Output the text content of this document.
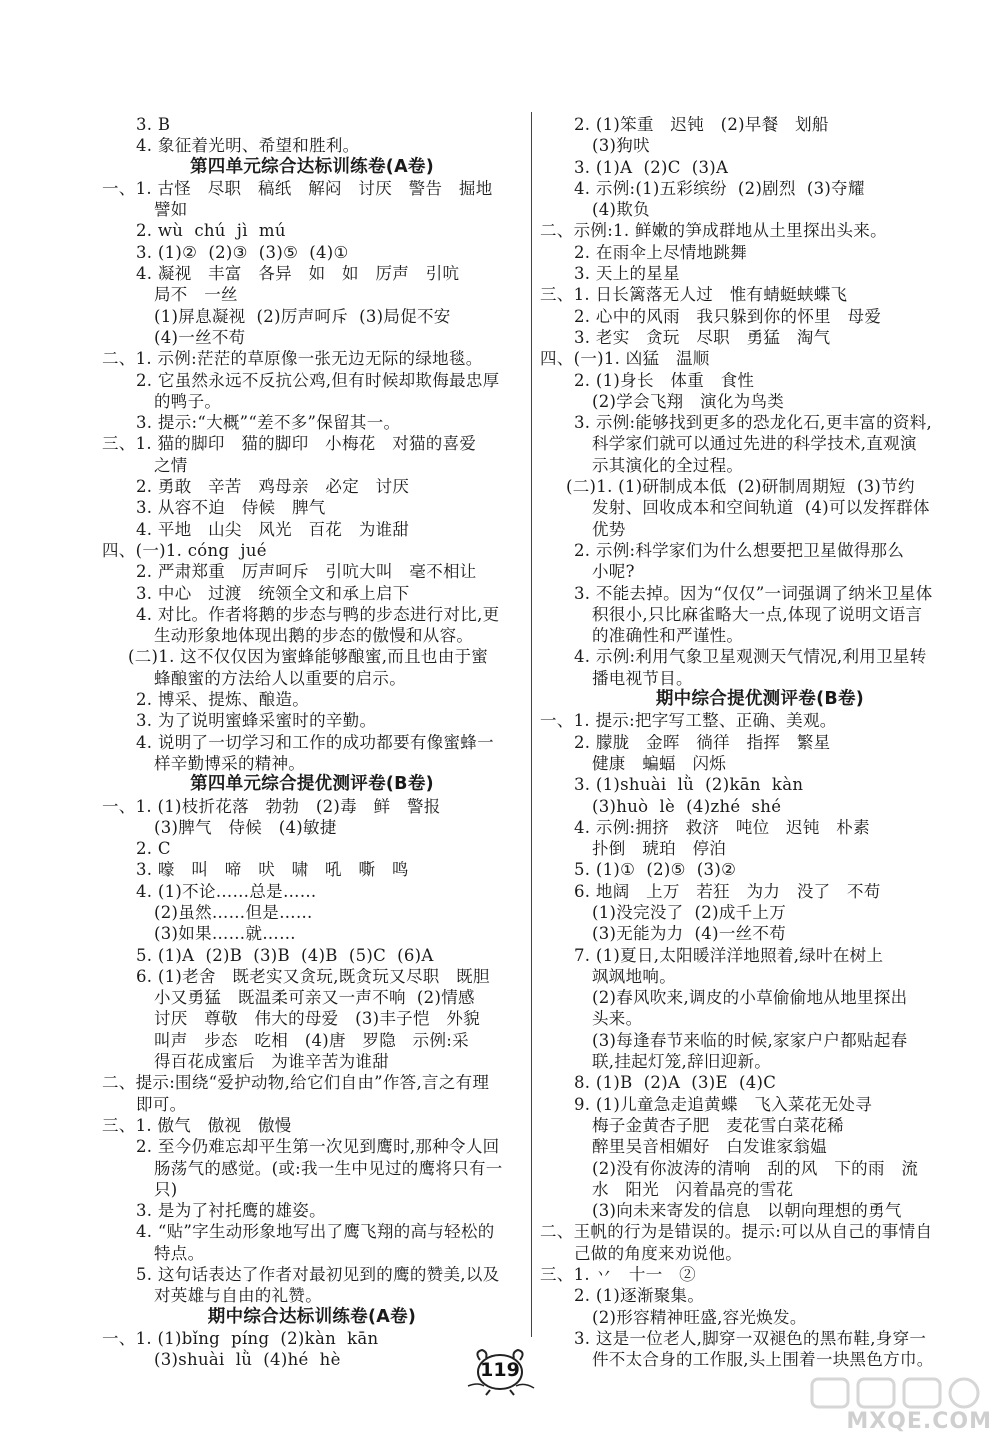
3. B
4. 象征着光明、希望和胜利。
第四单元综合达标训练卷(A卷)
一、1. 古怪   尽职   稿纸   解闷   讨厌   警告   掘地
譬如
2. wù  chú  jì  mú
3. (1)②  (2)③  (3)⑤  (4)①
4. 凝视   丰富   各异   如   如   厉声   引吭
局不   一丝
(1)屏息凝视  (2)厉声呵斥  (3)局促不安
(4)一丝不苟
二、1. 示例:茫茫的草原像一张无边无际的绿地毯。
2. 它虽然永远不反抗公鸡,但有时候却欺侮最忠厚
的鸭子。
3. 提示:“大概”“差不多”保留其一。
三、1. 猫的脚印   猫的脚印   小梅花   对猫的喜爱
之情
2. 勇敢   辛苦   鸡母亲   必定   讨厌
3. 从容不迫   侍候   脾气
4. 平地   山尖   风光   百花   为谁甜
四、(一)1. cóng  jué
2. 严肃郑重   厉声呵斥   引吭大叫   毫不相让
3. 中心   过渡   统领全文和承上启下
4. 对比。作者将鹅的步态与鸭的步态进行对比,更
生动形象地体现出鹅的步态的傲慢和从容。
(二)1. 这不仅仅因为蜜蜂能够酿蜜,而且也由于蜜
蜂酿蜜的方法给人以重要的启示。
2. 博采、提炼、酿造。
3. 为了说明蜜蜂采蜜时的辛勤。
4. 说明了一切学习和工作的成功都要有像蜜蜂一
样辛勤博采的精神。
第四单元综合提优测评卷(B卷)
一、1. (1)枝折花落   勃勃   (2)毒   鲜   警报
(3)脾气   侍候   (4)敏捷
2. C
3. 嚎   叫   啼   吠   啸   吼   嘶   鸣
4. (1)不论……总是……
(2)虽然……但是……
(3)如果……就……
5. (1)A  (2)B  (3)B  (4)B  (5)C  (6)A
6. (1)老舍   既老实又贪玩,既贪玩又尽职   既胆
小又勇猛   既温柔可亲又一声不响  (2)情感
讨厌   尊敬   伟大的母爱   (3)丰子恺   外貌
叫声   步态   吃相   (4)唐   罗隐   示例:采
得百花成蜜后   为谁辛苦为谁甜
二、提示:围绕“爱护动物,给它们自由”作答,言之有理
即可。
三、1. 傲气   傲视   傲慢
2. 至今仍难忘却平生第一次见到鹰时,那种令人回
肠荡气的感觉。(或:我一生中见过的鹰将只有一
只)
3. 是为了衬托鹰的雄姿。
4. “贴”字生动形象地写出了鹰飞翔的高与轻松的
特点。
5. 这句话表达了作者对最初见到的鹰的赞美,以及
对英雄与自由的礼赞。
期中综合达标训练卷(A卷)
一、1. (1)bǐng  píng  (2)kàn  kān
(3)shuài  lǜ  (4)hé  hè
2. (1)笨重   迟钝   (2)早餐   划船
(3)狗吠
3. (1)A  (2)C  (3)A
4. 示例:(1)五彩缤纷  (2)剧烈  (3)夺耀
(4)欺负
二、示例:1. 鲜嫩的笋成群地从土里探出头来。
2. 在雨伞上尽情地跳舞
3. 天上的星星
三、1. 日长篱落无人过   惟有蜻蜓蛱蝶飞
2. 心中的风雨   我只躲到你的怀里   母爱
3. 老实   贪玩   尽职   勇猛   淘气
四、(一)1. 凶猛   温顺
2. (1)身长   体重   食性
(2)学会飞翔   演化为鸟类
3. 示例:能够找到更多的恐龙化石,更丰富的资料,
科学家们就可以通过先进的科学技术,直观演
示其演化的全过程。
(二)1. (1)研制成本低  (2)研制周期短  (3)节约
发射、回收成本和空间轨道  (4)可以发挥群体
优势
2. 示例:科学家们为什么想要把卫星做得那么
小呢?
3. 不能去掉。因为“仅仅”一词强调了纳米卫星体
积很小,只比麻雀略大一点,体现了说明文语言
的准确性和严谨性。
4. 示例:利用气象卫星观测天气情况,利用卫星转
播电视节目。
期中综合提优测评卷(B卷)
一、1. 提示:把字写工整、正确、美观。
2. 朦胧   金晖   徜徉   指挥   繁星
健康   蝙蝠   闪烁
3. (1)shuài  lǜ  (2)kān  kàn
(3)huò  lè  (4)zhé  shé
4. 示例:拥挤   救济   吨位   迟钝   朴素
扑倒   琥珀   停泊
5. (1)①  (2)⑤  (3)②
6. 地阔   上万   若狂   为力   没了   不苟
(1)没完没了  (2)成千上万
(3)无能为力  (4)一丝不苟
7. (1)夏日,太阳暖洋洋地照着,绿叶在树上
飒飒地响。
(2)春风吹来,调皮的小草偷偷地从地里探出
头来。
(3)每逢春节来临的时候,家家户户都贴起春
联,挂起灯笼,辞旧迎新。
8. (1)B  (2)A  (3)E  (4)C
9. (1)儿童急走追黄蝶   飞入菜花无处寻
梅子金黄杏子肥   麦花雪白菜花稀
醉里吴音相媚好   白发谁家翁媪
(2)没有你波涛的清响   刮的风   下的雨   流
水   阳光   闪着晶亮的雪花
(3)向未来寄发的信息   以朝向理想的勇气
二、王帆的行为是错误的。提示:可以从自己的事情自
己做的角度来劝说他。
三、1. 丷   十一   ②
2. (1)逐渐聚集。
(2)形容精神旺盛,容光焕发。
3. 这是一位老人,脚穿一双褪色的黑布鞋,身穿一
件不太合身的工作服,头上围着一块黑色方巾。
119
MXQE.COM
